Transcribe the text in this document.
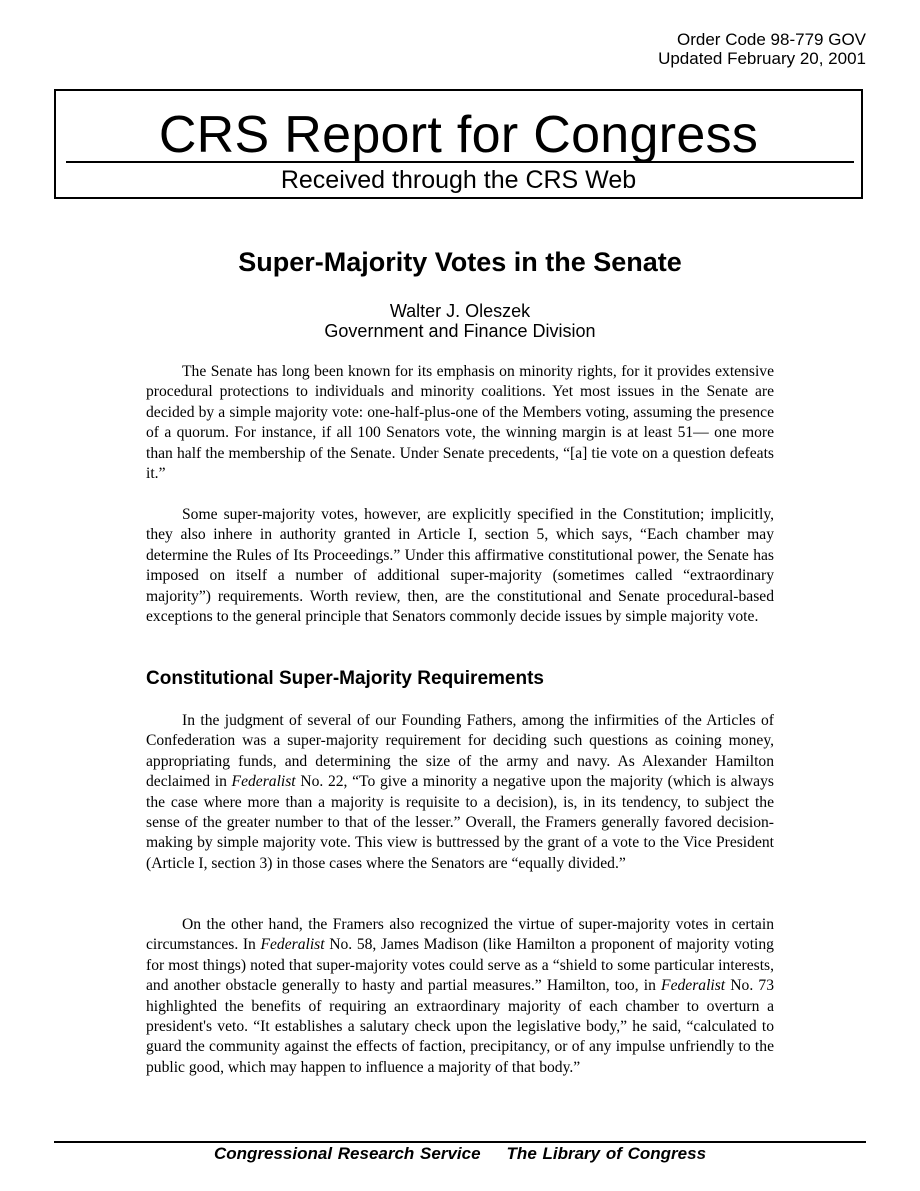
Order Code 98-779 GOV
Updated February 20, 2001
CRS Report for Congress
Received through the CRS Web
Super-Majority Votes in the Senate
Walter J. Oleszek
Government and Finance Division

The Senate has long been known for its emphasis on minority rights, for it provides extensive procedural protections to individuals and minority coalitions. Yet most issues in the Senate are decided by a simple majority vote: one-half-plus-one of the Members voting, assuming the presence of a quorum. For instance, if all 100 Senators vote, the winning margin is at least 51— one more than half the membership of the Senate. Under Senate precedents, “[a] tie vote on a question defeats it.”

Some super-majority votes, however, are explicitly specified in the Constitution; implicitly, they also inhere in authority granted in Article I, section 5, which says, “Each chamber may determine the Rules of Its Proceedings.” Under this affirmative constitutional power, the Senate has imposed on itself a number of additional super-majority (sometimes called “extraordinary majority”) requirements. Worth review, then, are the constitutional and Senate procedural-based exceptions to the general principle that Senators commonly decide issues by simple majority vote.

Constitutional Super-Majority Requirements

In the judgment of several of our Founding Fathers, among the infirmities of the Articles of Confederation was a super-majority requirement for deciding such questions as coining money, appropriating funds, and determining the size of the army and navy. As Alexander Hamilton declaimed in Federalist No. 22, “To give a minority a negative upon the majority (which is always the case where more than a majority is requisite to a decision), is, in its tendency, to subject the sense of the greater number to that of the lesser.” Overall, the Framers generally favored decision-making by simple majority vote. This view is buttressed by the grant of a vote to the Vice President (Article I, section 3) in those cases where the Senators are “equally divided.”

On the other hand, the Framers also recognized the virtue of super-majority votes in certain circumstances. In Federalist No. 58, James Madison (like Hamilton a proponent of majority voting for most things) noted that super-majority votes could serve as a “shield to some particular interests, and another obstacle generally to hasty and partial measures.” Hamilton, too, in Federalist No. 73 highlighted the benefits of requiring an extraordinary majority of each chamber to overturn a president's veto. “It establishes a salutary check upon the legislative body,” he said, “calculated to guard the community against the effects of faction, precipitancy, or of any impulse unfriendly to the public good, which may happen to influence a majority of that body.”

Congressional Research Service The Library of Congress
